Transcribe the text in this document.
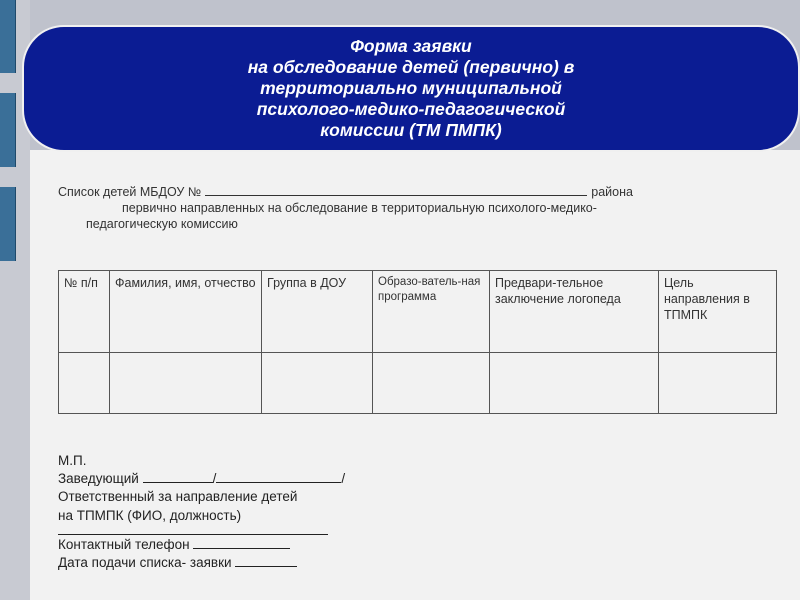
Форма заявки
на обследование детей (первично) в
территориально муниципальной
психолого-медико-педагогической
комиссии (ТМ ПМПК)
Список детей МБДОУ №	района
первично направленных на обследование в территориальную психолого-медико-
педагогическую комиссию
№ п/п	Фамилия, имя, отчество	Группа в ДОУ	Образо-ватель-ная программа	Предвари-тельное заключение логопеда	Цель направления в ТПМПК

М.П.
Заведующий	/	/
Ответственный за направление детей
на ТПМПК (ФИО, должность)
Контактный телефон
Дата подачи списка- заявки
